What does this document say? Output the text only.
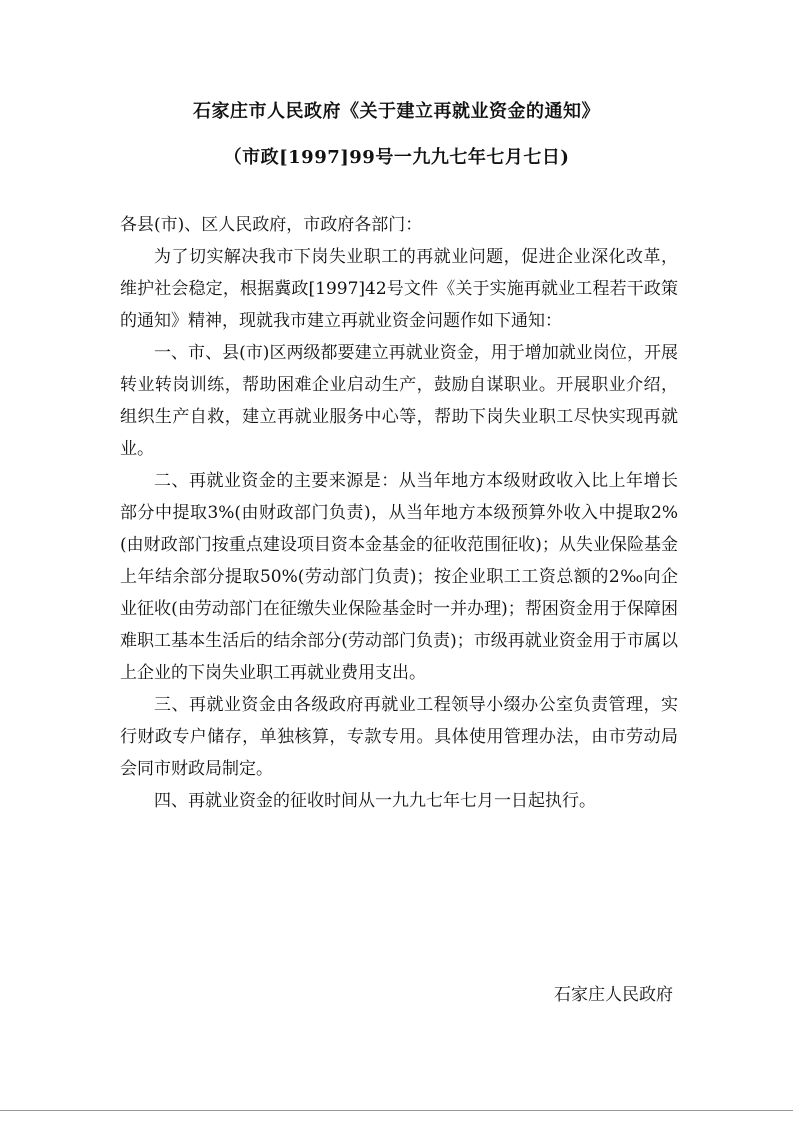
石家庄市人民政府《关于建立再就业资金的通知》
（市政[1997]99号一九九七年七月七日)

各县(市)、区人民政府，市政府各部门：

为了切实解决我市下岗失业职工的再就业问题，促进企业深化改革，维护社会稳定，根据冀政[1997]42号文件《关于实施再就业工程若干政策的通知》精神，现就我市建立再就业资金问题作如下通知：

一、市、县(市)区两级都要建立再就业资金，用于增加就业岗位，开展转业转岗训练，帮助困难企业启动生产，鼓励自谋职业。开展职业介绍，组织生产自救，建立再就业服务中心等，帮助下岗失业职工尽快实现再就业。

二、再就业资金的主要来源是：从当年地方本级财政收入比上年增长部分中提取3%(由财政部门负责)，从当年地方本级预算外收入中提取2%(由财政部门按重点建设项目资本金基金的征收范围征收)；从失业保险基金上年结余部分提取50%(劳动部门负责)；按企业职工工资总额的2‰向企业征收(由劳动部门在征缴失业保险基金时一并办理)；帮困资金用于保障困难职工基本生活后的结余部分(劳动部门负责)；市级再就业资金用于市属以上企业的下岗失业职工再就业费用支出。

三、再就业资金由各级政府再就业工程领导小缀办公室负责管理，实行财政专户储存，单独核算，专款专用。具体使用管理办法，由市劳动局会同市财政局制定。

四、再就业资金的征收时间从一九九七年七月一日起执行。

石家庄人民政府
